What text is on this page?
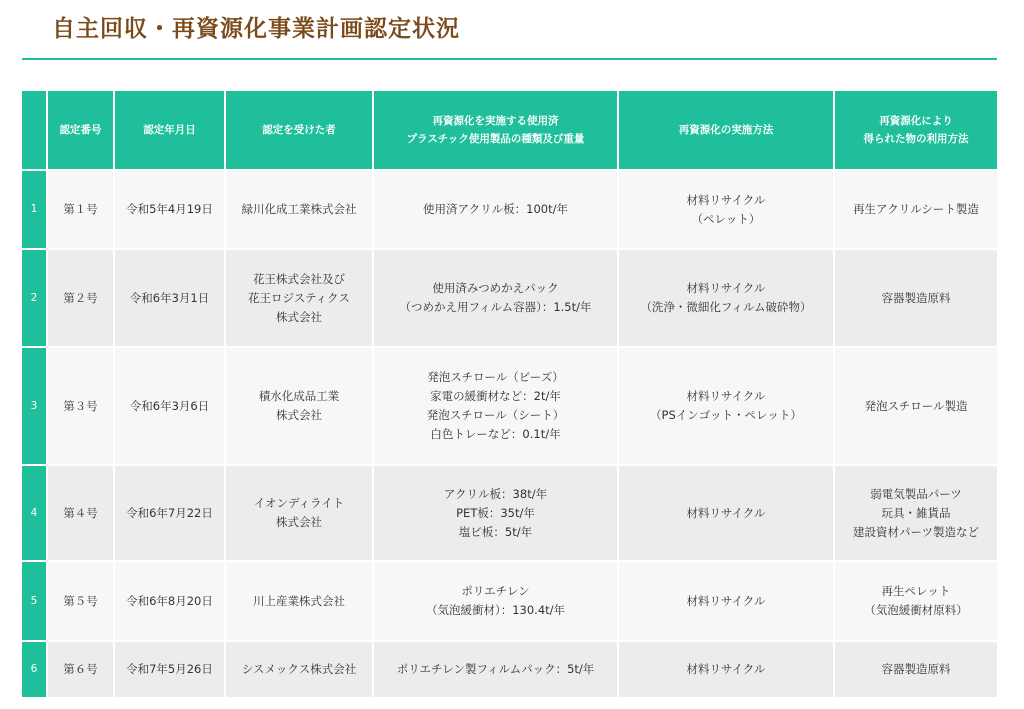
自主回収・再資源化事業計画認定状況
	認定番号	認定年月日	認定を受けた者	再資源化を実施する使用済
プラスチック使用製品の種類及び重量	再資源化の実施方法	再資源化により
得られた物の利用方法
1	第１号	令和5年4月19日	緑川化成工業株式会社	使用済アクリル板：100t/年	材料リサイクル
（ペレット）	再生アクリルシート製造
2	第２号	令和6年3月1日	花王株式会社及び
花王ロジスティクス
株式会社	使用済みつめかえパック
（つめかえ用フィルム容器）：1.5t/年	材料リサイクル
（洗浄・微細化フィルム破砕物）	容器製造原料
3	第３号	令和6年3月6日	積水化成品工業
株式会社	発泡スチロール（ビーズ）
家電の緩衝材など：2t/年
発泡スチロール（シート）
白色トレーなど：0.1t/年	材料リサイクル
（PSインゴット・ペレット）	発泡スチロール製造
4	第４号	令和6年7月22日	イオンディライト
株式会社	アクリル板：38t/年
PET板：35t/年
塩ビ板：5t/年	材料リサイクル	弱電気製品パーツ
玩具・雑貨品
建設資材パーツ製造など
5	第５号	令和6年8月20日	川上産業株式会社	ポリエチレン
（気泡緩衝材）：130.4t/年	材料リサイクル	再生ペレット
（気泡緩衝材原料）
6	第６号	令和7年5月26日	シスメックス株式会社	ポリエチレン製フィルムパック：5t/年	材料リサイクル	容器製造原料
